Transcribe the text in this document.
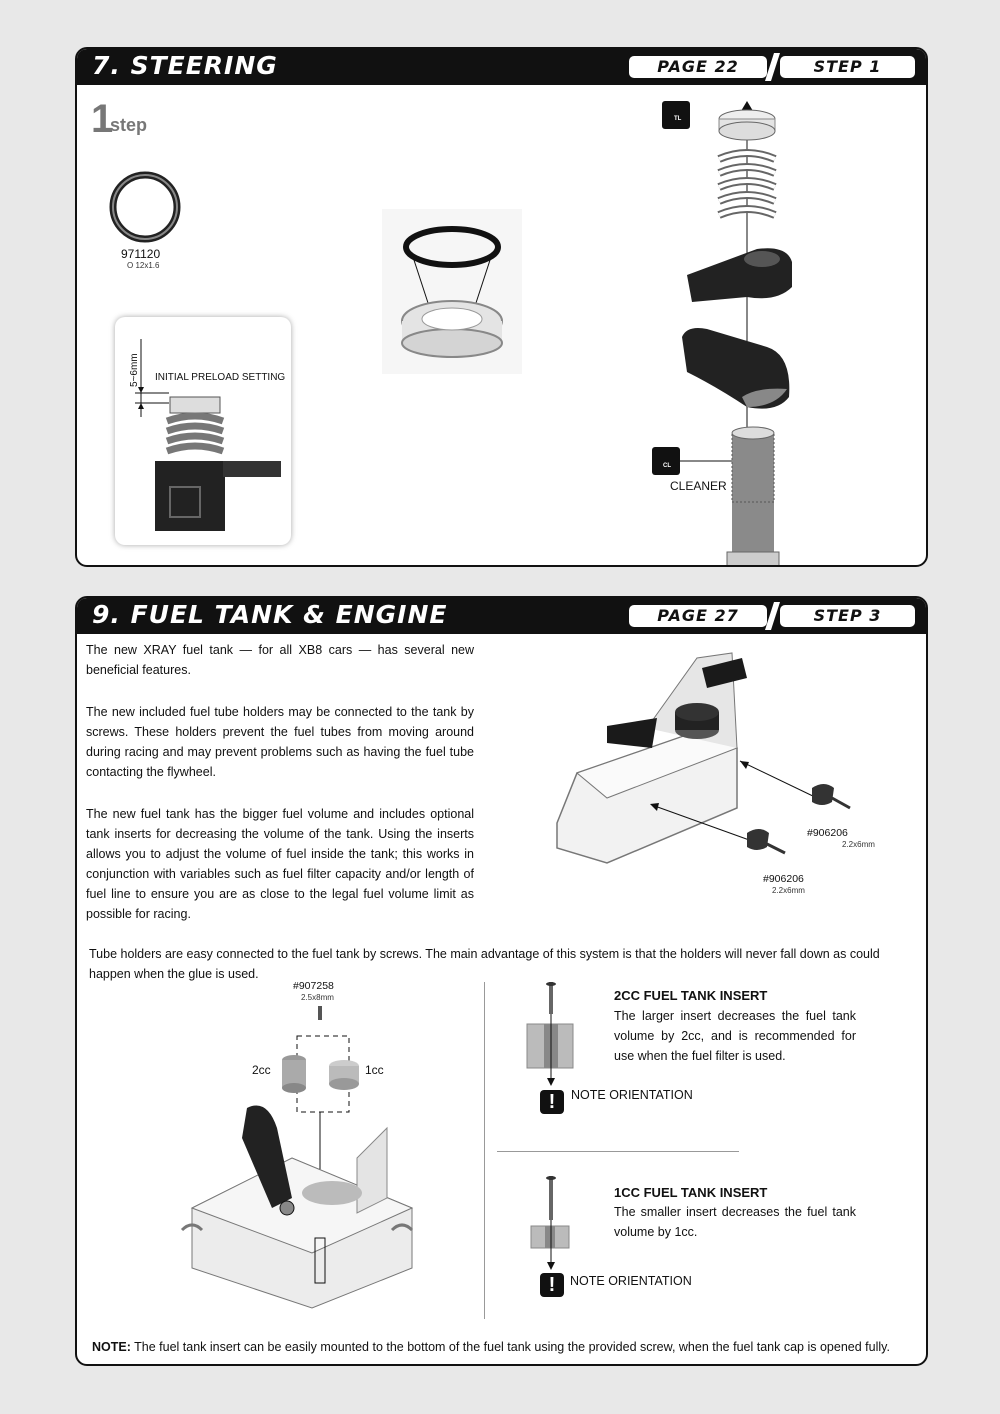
7. STEERING	PAGE 22	STEP 1
1
step
971120
O 12x1.6
5~6mm INITIAL PRELOAD SETTING
TL
CL
CLEANER
9. FUEL TANK & ENGINE	PAGE 27	STEP 3
The new XRAY fuel tank — for all XB8 cars — has several new beneficial features.
The new included fuel tube holders may be connected to the tank by screws. These holders prevent the fuel tubes from moving around during racing and may prevent problems such as having the fuel tube contacting the flywheel.
The new fuel tank has the bigger fuel volume and includes optional tank inserts for decreasing the volume of the tank. Using the inserts allows you to adjust the volume of fuel inside the tank; this works in conjunction with variables such as fuel filter capacity and/or length of fuel line to ensure you are as close to the legal fuel volume limit as possible for racing.
#906206
2.2x6mm
#906206
2.2x6mm
Tube holders are easy connected to the fuel tank by screws. The main advantage of this system is that the holders will never fall down as could happen when the glue is used.
#907258
2.5x8mm
2cc	1cc
2CC FUEL TANK INSERT
The larger insert decreases the fuel tank volume by 2cc, and is recommended for use when the fuel filter is used.
!	NOTE ORIENTATION
1CC FUEL TANK INSERT
The smaller insert decreases the fuel tank volume by 1cc.
!	NOTE ORIENTATION
NOTE: The fuel tank insert can be easily mounted to the bottom of the fuel tank using the provided screw, when the fuel tank cap is opened fully.
